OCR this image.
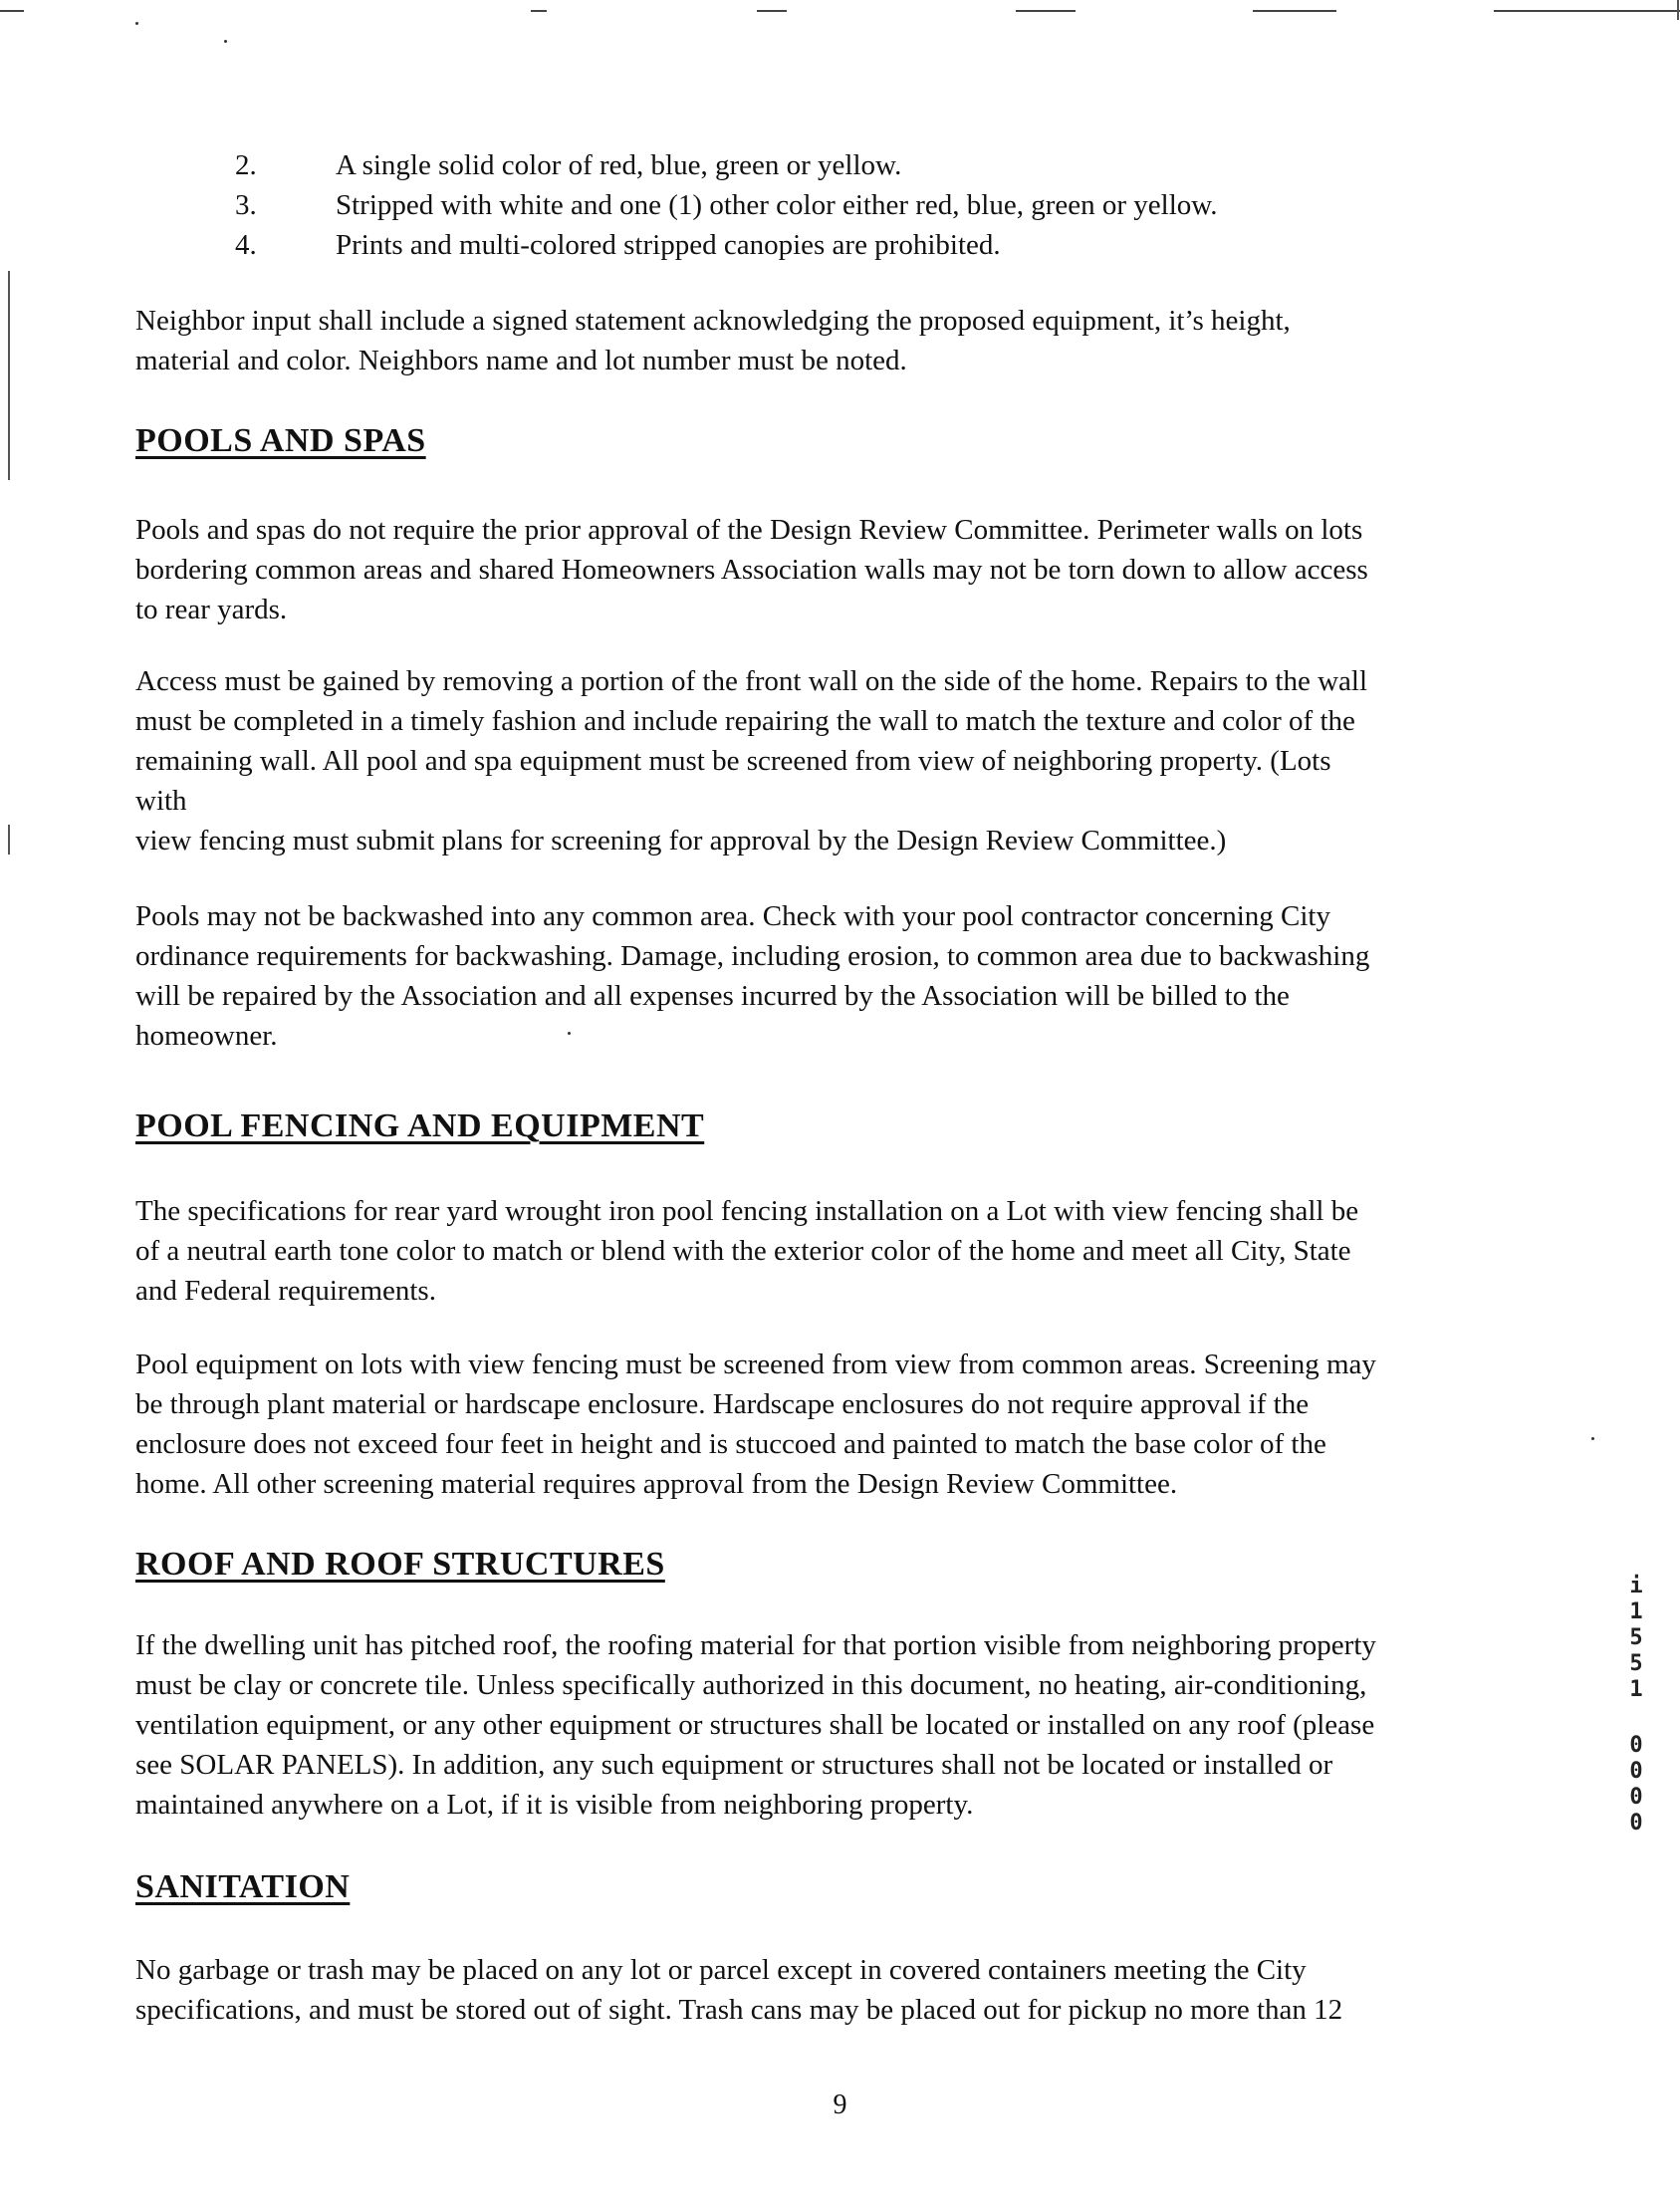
2.	A single solid color of red, blue, green or yellow.
3.	Stripped with white and one (1) other color either red, blue, green or yellow.
4.	Prints and multi-colored stripped canopies are prohibited.
Neighbor input shall include a signed statement acknowledging the proposed equipment, it’s height,
material and color. Neighbors name and lot number must be noted.
POOLS AND SPAS
Pools and spas do not require the prior approval of the Design Review Committee. Perimeter walls on lots
bordering common areas and shared Homeowners Association walls may not be torn down to allow access
to rear yards.
Access must be gained by removing a portion of the front wall on the side of the home. Repairs to the wall
must be completed in a timely fashion and include repairing the wall to match the texture and color of the
remaining wall. All pool and spa equipment must be screened from view of neighboring property. (Lots
with
view fencing must submit plans for screening for approval by the Design Review Committee.)
Pools may not be backwashed into any common area. Check with your pool contractor concerning City
ordinance requirements for backwashing. Damage, including erosion, to common area due to backwashing
will be repaired by the Association and all expenses incurred by the Association will be billed to the
homeowner.
POOL FENCING AND EQUIPMENT
The specifications for rear yard wrought iron pool fencing installation on a Lot with view fencing shall be
of a neutral earth tone color to match or blend with the exterior color of the home and meet all City, State
and Federal requirements.
Pool equipment on lots with view fencing must be screened from view from common areas. Screening may
be through plant material or hardscape enclosure. Hardscape enclosures do not require approval if the
enclosure does not exceed four feet in height and is stuccoed and painted to match the base color of the
home. All other screening material requires approval from the Design Review Committee.
ROOF AND ROOF STRUCTURES
If the dwelling unit has pitched roof, the roofing material for that portion visible from neighboring property
must be clay or concrete tile. Unless specifically authorized in this document, no heating, air-conditioning,
ventilation equipment, or any other equipment or structures shall be located or installed on any roof (please
see SOLAR PANELS). In addition, any such equipment or structures shall not be located or installed or
maintained anywhere on a Lot, if it is visible from neighboring property.
SANITATION
No garbage or trash may be placed on any lot or parcel except in covered containers meeting the City
specifications, and must be stored out of sight. Trash cans may be placed out for pickup no more than 12
9
i
1
5
5
1
0
0
0
0
